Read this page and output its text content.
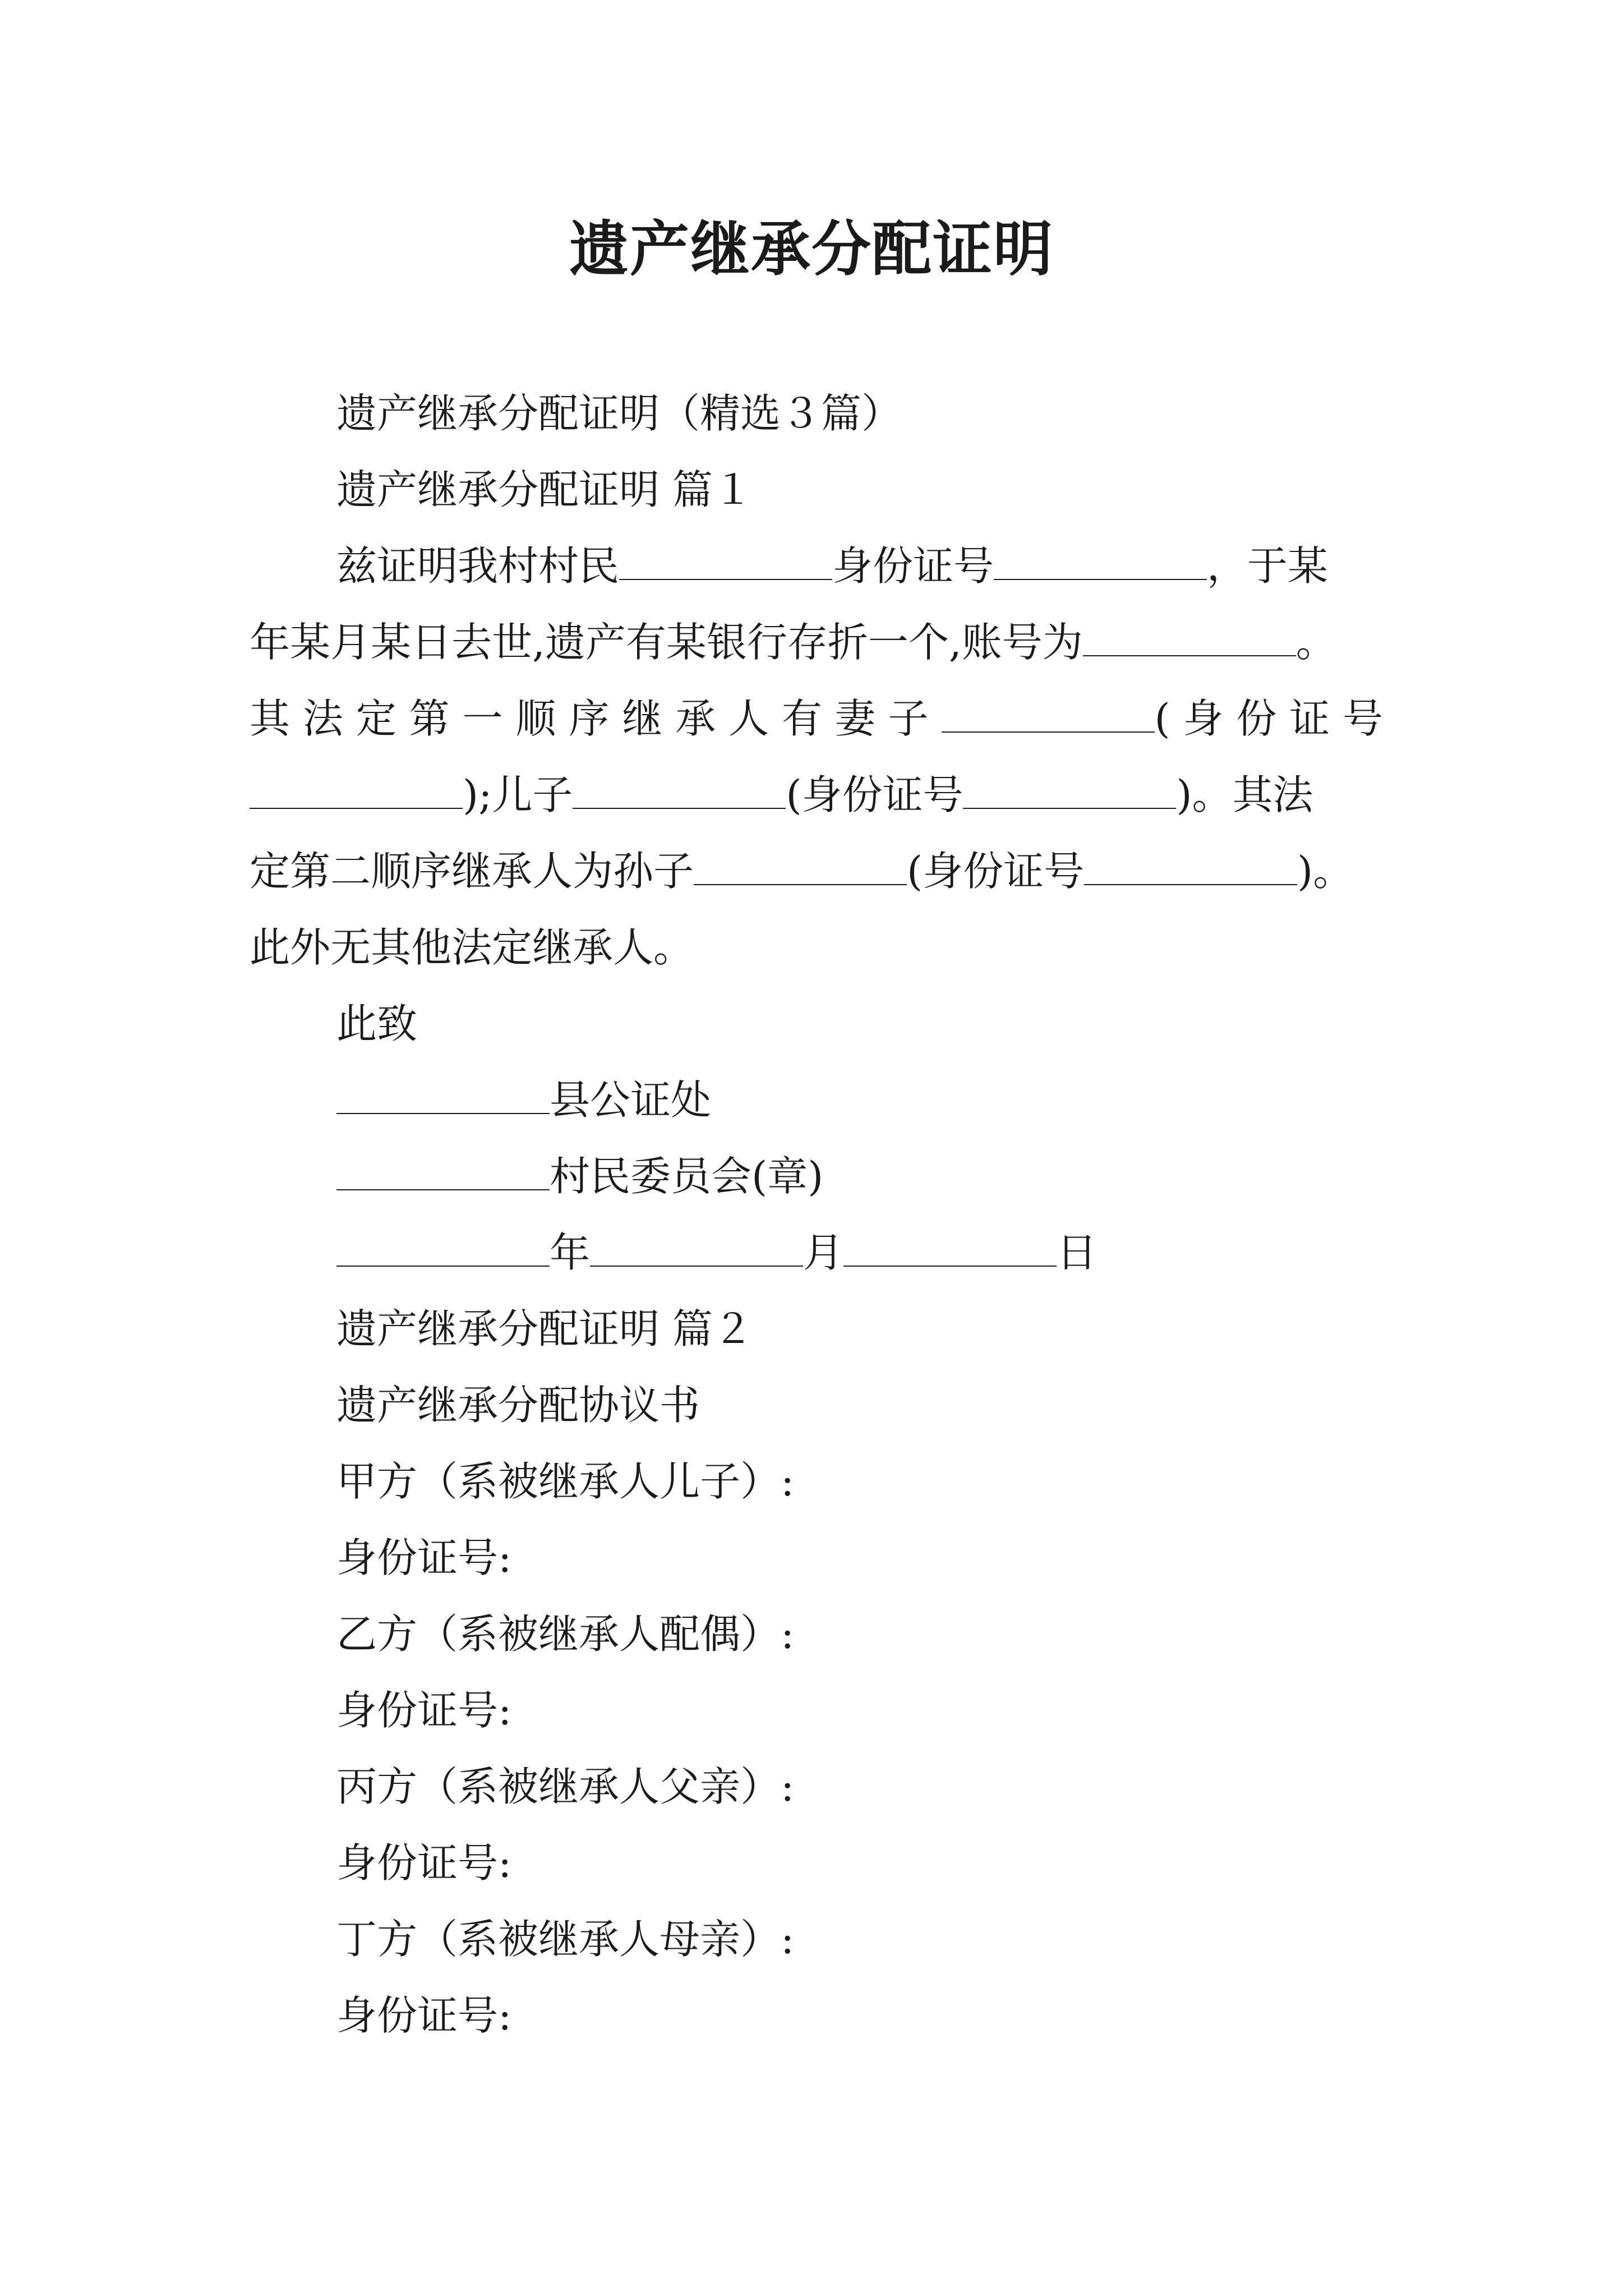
遗产继承分配证明
遗产继承分配证明（精选３篇）
遗产继承分配证明 篇１
兹证明我村村民	身份证号	，于某
年某月某日去世,遗产有某银行存折一个,账号为	。
其 法 定 第 一 顺 序 继 承 人 有 妻 子	( 身 份 证 号
);儿子	(身份证号	)。其法
定第二顺序继承人为孙子	(身份证号	)。
此外无其他法定继承人。
此致
县公证处
村民委员会(章)
年	月	日
遗产继承分配证明 篇２
遗产继承分配协议书
甲方（系被继承人儿子）:
身份证号:
乙方（系被继承人配偶）:
身份证号:
丙方（系被继承人父亲）:
身份证号:
丁方（系被继承人母亲）:
身份证号:
